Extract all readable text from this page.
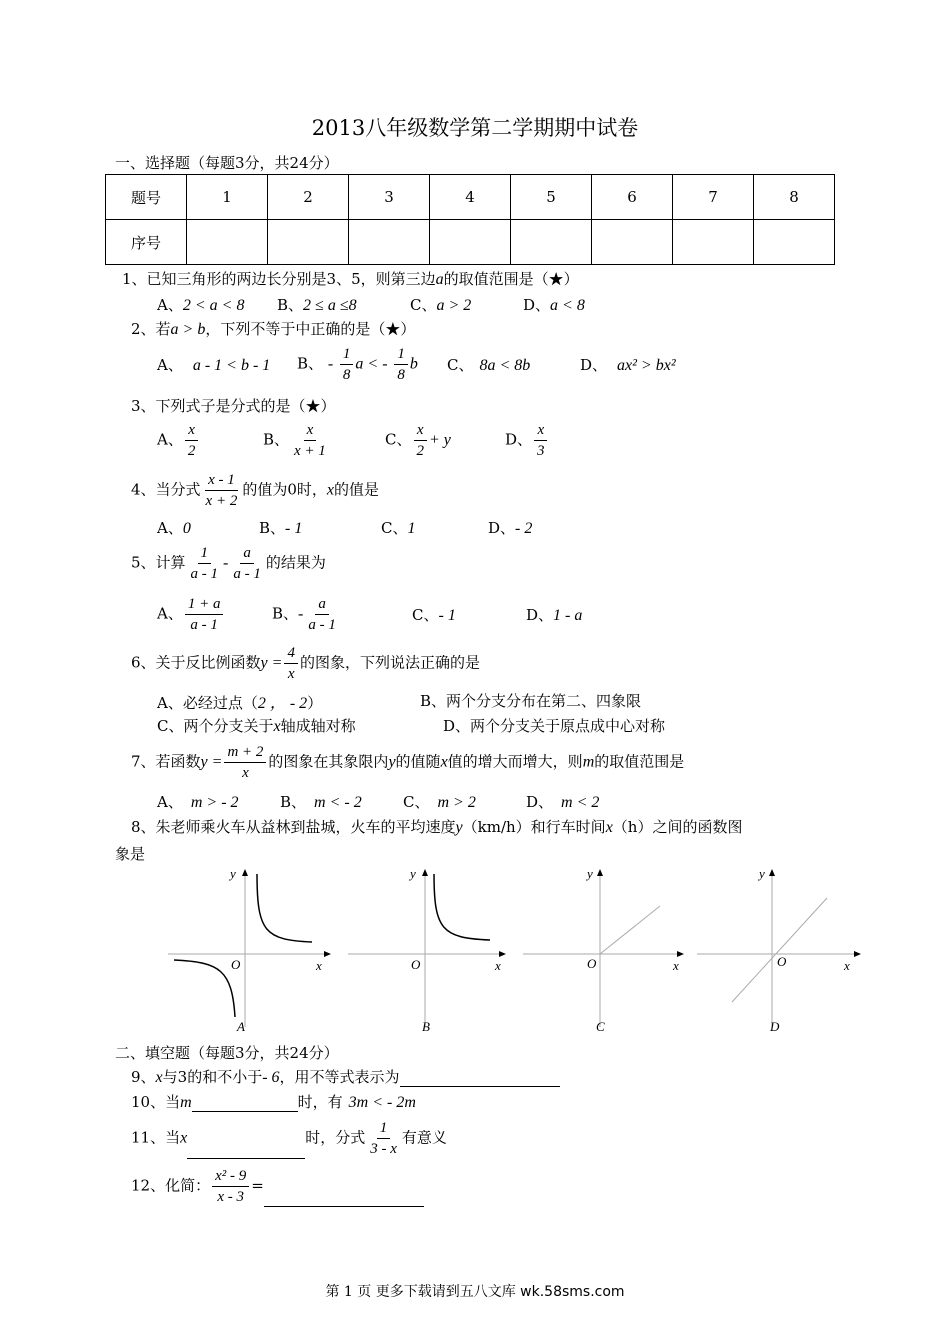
2013八年级数学第二学期期中试卷
一、选择题（每题3分，共24分）
题号	1	2	3	4	5	6	7	8
序号								
1、已知三角形的两边长分别是3、5，则第三边a的取值范围是（★）
A、2 < a < 8 B、2 ≤ a ≤8	C、a > 2	D、a < 8
2、若a > b，下列不等于中正确的是（★）
A、 a - 1 < b - 1 B、 - $\frac{1}{8}$ a < - $\frac{1}{8}$ b C、 8a < 8b	D、 ax² > bx²
3、下列式子是分式的是（★）
A、 $\frac{x}{2}$	B、 $\frac{x}{x + 1}$	C、 $\frac{x}{2} + y$	D、 $\frac{x}{3}$
4、当分式 $\frac{x - 1}{x + 2}$ 的值为0时，x的值是
A、0	B、- 1	C、1	D、- 2
5、计算 $\frac{1}{a - 1} - \frac{a}{a - 1}$ 的结果为
A、 $\frac{1 + a}{a - 1}$	B、- $\frac{a}{a - 1}$	C、- 1	D、1 - a
6、关于反比例函数$y = \frac{4}{x}$ 的图象，下列说法正确的是
A、必经过点（2 ， - 2）	B、两个分支分布在第二、四象限
C、两个分支关于x轴成轴对称	D、两个分支关于原点成中心对称
7、若函数$y = \frac{m + 2}{x}$ 的图象在其象限内y的值随x值的增大而增大，则m的取值范围是
A、 m > - 2	B、 m < - 2	C、 m > 2	D、 m < 2
8、朱老师乘火车从益林到盐城，火车的平均速度y（km/h）和行车时间x（h）之间的函数图
象是
y
x
O
A
y
x
O
B
y
x
O
C
y
x
O
D
二、填空题（每题3分，共24分）
9、x与3的和不小于- 6，用不等式表示为
10、当m	时，有 3m < - 2m
11、当x	时，分式 $\frac{1}{3 - x}$ 有意义
12、化简： $\frac{\text{x² - 9}}{x - 3}$ =
第 1 页 更多下载请到五八文库 wk.58sms.com
